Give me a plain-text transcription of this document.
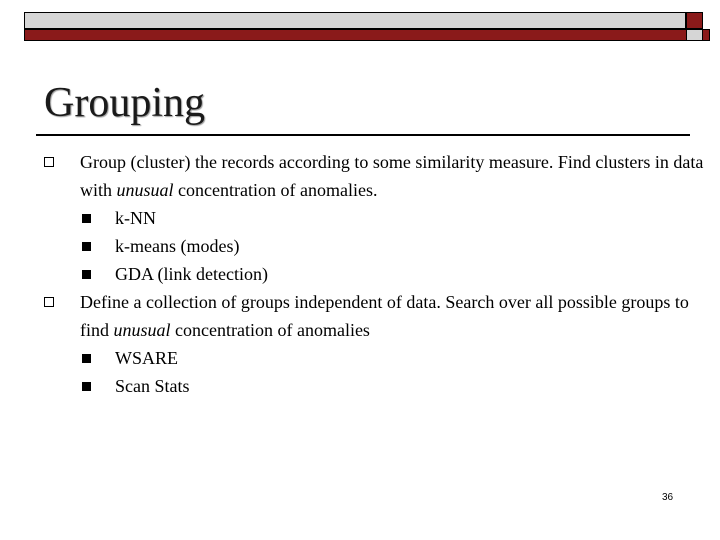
Grouping
Group (cluster) the records according to some similarity measure. Find clusters in data with unusual concentration of anomalies.
k-NN
k-means (modes)
GDA (link detection)
Define a collection of groups independent of data. Search over all possible groups to find unusual concentration of anomalies
WSARE
Scan Stats
36
